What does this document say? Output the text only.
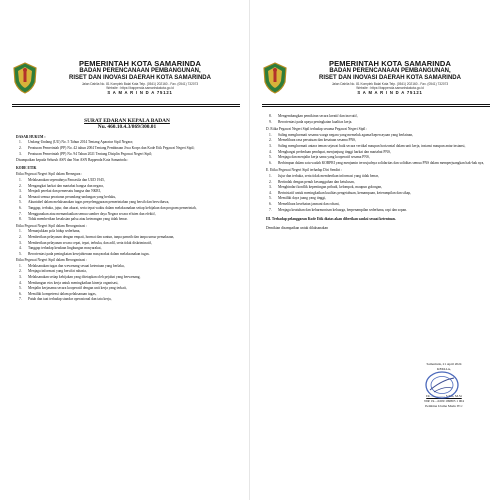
PEMERINTAH KOTA SAMARINDA
BADAN PERENCANAAN PEMBANGUNAN,
RISET DAN INOVASI DAERAH KOTA SAMARINDA
Jalan Dahlia No. 81 Komplek Balai Kota Telp. (0541) 202160 - Fax. (0541) 732073
Website : https://bappenda.samarindakota.go.id
S A M A R I N D A 75121
SURAT EDARAN KEPALA BADAN
Nu. 460.10.4.3/869/300.01
DASAR HUKUM :
1.	Undang-Undang (UU) No. 5 Tahun 2014 Tentang Aparatur Sipil Negara;
2.	Peraturan Pemerintah (PP) No. 42 tahun 2004 Tentang Pembinaan Jiwa Korps dan Kode Etik Pegawai Negeri Sipil;
3.	Peraturan Pemerintah (PP) No. 94 Tahun 2021 Tentang Disiplin Pegawai Negeri Sipil;
Disampaikan kepada Seluruh ASN dan Non ASN Bappenda Kota Samarinda :
KODE ETIK
Etika Pegawai Negeri Sipil dalam Bernegara :
1.	Melaksanakan sepenuhnya Pancasila dan UUD 1945,
2.	Mengangkat harkat dan martabat bangsa dan negara,
3.	Menjadi perekat dan pemersatu bangsa dan NKRI,
4.	Menaati semua peraturan perundang-undangan yang berlaku,
5.	Akuntabel dalam melaksanakan tugas penyelenggaraan pemerintahan yang bersih dan berwibawa,
6.	Tanggap, terbuka, jujur, dan akurat, serta tepat waktu dalam melaksanakan setiap kebijakan dan program pemerintah,
7.	Menggunakan atau memanfaatkan semua sumber daya Negara secara efisien dan efektif,
8.	Tidak memberikan kesaksian palsu atau keterangan yang tidak benar.
Etika Pegawai Negeri Sipil dalam Berorganisasi :
1.	Menunjukkan pola hidup sederhana,
2.	Memberikan pelayanan dengan empati, hormat dan santun, tanpa pamrih dan tanpa unsur pemaksaan,
3.	Memberikan pelayanan secara cepat, tepat, terbuka, dan adil, serta tidak diskriminatif,
4.	Tanggap terhadap keadaan lingkungan masyarakat,
5.	Berorientasi pada peningkatan kesejahteraan masyarakat dalam melaksanakan tugas.
Etika Pegawai Negeri Sipil dalam Berorganisasi :
1.	Melaksanakan tugas dan wewenang sesuai ketentuan yang berlaku,
2.	Menjaga informasi yang bersifat rahasia,
3.	Melaksanakan setiap kebijakan yang ditetapkan oleh pejabat yang berwenang,
4.	Membangun etos kerja untuk meningkatkan kinerja organisasi,
5.	Menjalin kerjasama secara kooperatif dengan unit kerja yang terkait,
6.	Memiliki kompetensi dalam pelaksanaan tugas,
7.	Patuh dan taat terhadap standar operasional dan tata kerja,
PEMERINTAH KOTA SAMARINDA
BADAN PERENCANAAN PEMBANGUNAN,
RISET DAN INOVASI DAERAH KOTA SAMARINDA
Jalan Dahlia No. 81 Komplek Balai Kota Telp. (0541) 202160 - Fax. (0541) 732073
Website : https://bappenda.samarindakota.go.id
S A M A R I N D A 75121
8.	Mengembangkan pemikiran secara kreatif dan inovatif,
9.	Berorientasi pada upaya peningkatan kualitas kerja.
D. Etika Pegawai Negeri Sipil terhadap sesama Pegawai Negeri Sipil :
1.	Saling menghormati sesama warga negara yang memeluk agama/kepercayaan yang berlainan,
2.	Memelihara rasa persatuan dan kesatuan sesama PNS,
3.	Saling menghormati antara teman sejawat baik secara vertikal maupun horizontal dalam unit kerja, instansi maupun antar instansi,
4.	Menghargai perbedaan pendapat, menjunjung tinggi harkat dan martabat PNS,
5.	Menjaga dan menjalin kerja sama yang kooperatif sesama PNS,
6.	Berhimpun dalam satu wadah KORPRI yang menjamin terwujudnya solidaritas dan soliditas semua PNS dalam memperjuangkan hak-hak nya,
E. Etika Pegawai Negeri Sipil terhadap Diri Sendiri :
1.	Jujur dan terbuka, serta tidak memberikan informasi yang tidak benar,
2.	Bertindak dengan penuh kesungguhan dan ketulusan,
3.	Menghindari konflik kepentingan pribadi, kelompok, maupun golongan,
4.	Berinisiatif untuk meningkatkan kualitas pengetahuan, kemampuan, keterampilan dan sikap,
5.	Memiliki daya juang yang tinggi,
6.	Memelihara kesehatan jasmani dan rohani,
7.	Menjaga keutuhan dan keharmonisan keluarga, berpenampilan sederhana, rapi dan sopan.
III. Terhadap pelanggaran Kode Etik diatas akan diberikan sanksi sesuai ketentuan.
Demikian disampaikan untuk dilaksanakan
Samarinda, 21 April 2024
KEPALA,
Dr. ..............., S.Sos, M.Si
NIP. 19....0209 199803 1 004
Pembina Utama Muda IV/c
